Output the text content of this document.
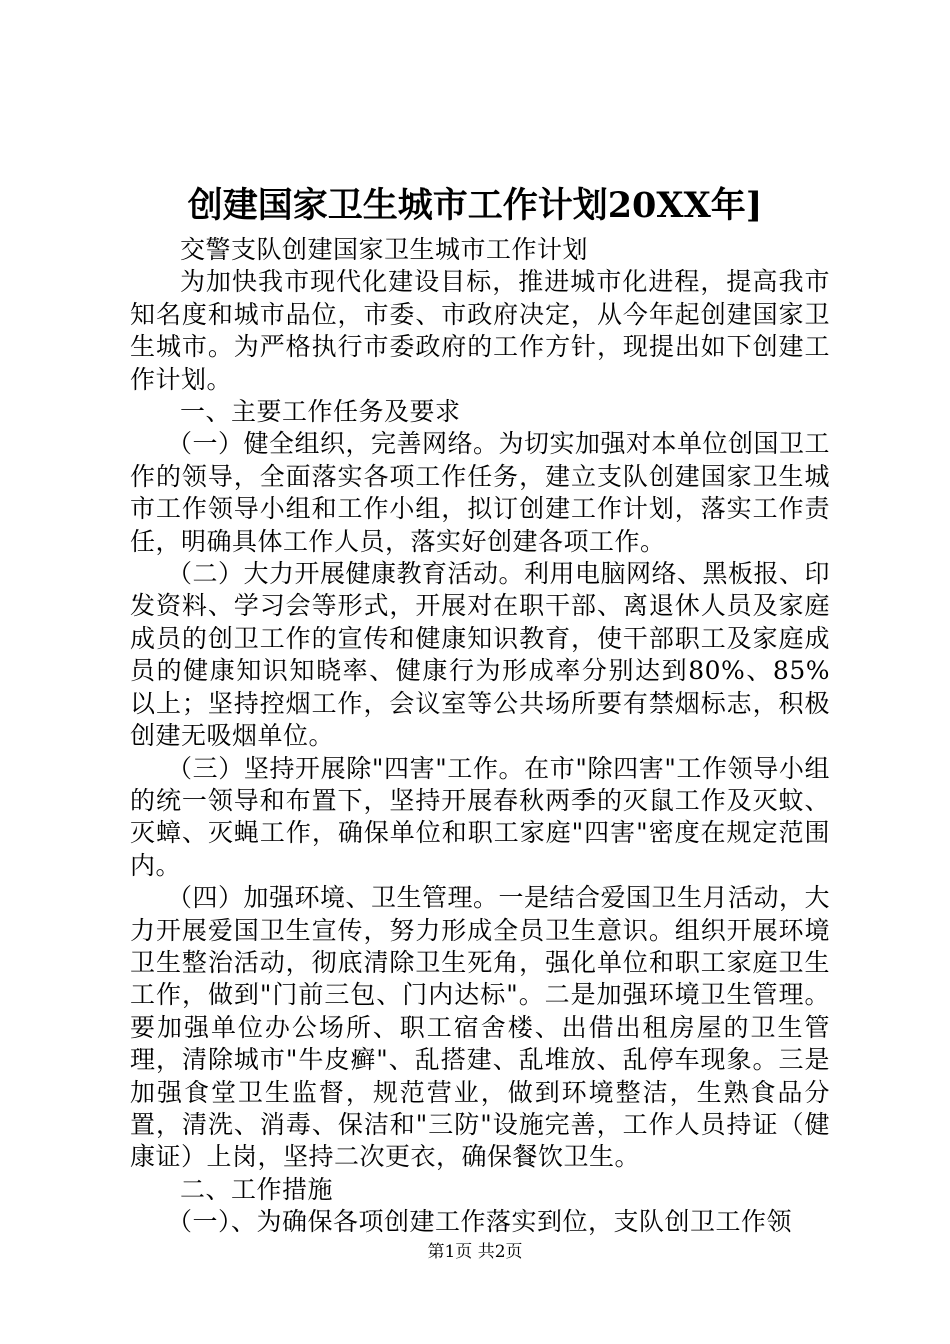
创建国家卫生城市工作计划20XX年]

交警支队创建国家卫生城市工作计划

为加快我市现代化建设目标，推进城市化进程，提高我市知名度和城市品位，市委、市政府决定，从今年起创建国家卫生城市。为严格执行市委政府的工作方针，现提出如下创建工作计划。

一、主要工作任务及要求

（一）健全组织，完善网络。为切实加强对本单位创国卫工作的领导，全面落实各项工作任务，建立支队创建国家卫生城市工作领导小组和工作小组，拟订创建工作计划，落实工作责任，明确具体工作人员，落实好创建各项工作。

（二）大力开展健康教育活动。利用电脑网络、黑板报、印发资料、学习会等形式，开展对在职干部、离退休人员及家庭成员的创卫工作的宣传和健康知识教育，使干部职工及家庭成员的健康知识知晓率、健康行为形成率分别达到80%、85%以上；坚持控烟工作，会议室等公共场所要有禁烟标志，积极创建无吸烟单位。

（三）坚持开展除"四害"工作。在市"除四害"工作领导小组的统一领导和布置下，坚持开展春秋两季的灭鼠工作及灭蚊、灭蟑、灭蝇工作，确保单位和职工家庭"四害"密度在规定范围内。

（四）加强环境、卫生管理。一是结合爱国卫生月活动，大力开展爱国卫生宣传，努力形成全员卫生意识。组织开展环境卫生整治活动，彻底清除卫生死角，强化单位和职工家庭卫生工作，做到"门前三包、门内达标"。二是加强环境卫生管理。要加强单位办公场所、职工宿舍楼、出借出租房屋的卫生管理，清除城市"牛皮癣"、乱搭建、乱堆放、乱停车现象。三是加强食堂卫生监督，规范营业，做到环境整洁，生熟食品分置，清洗、消毒、保洁和"三防"设施完善，工作人员持证（健康证）上岗，坚持二次更衣，确保餐饮卫生。

二、工作措施

（一）、为确保各项创建工作落实到位，支队创卫工作领

第1页 共2页
